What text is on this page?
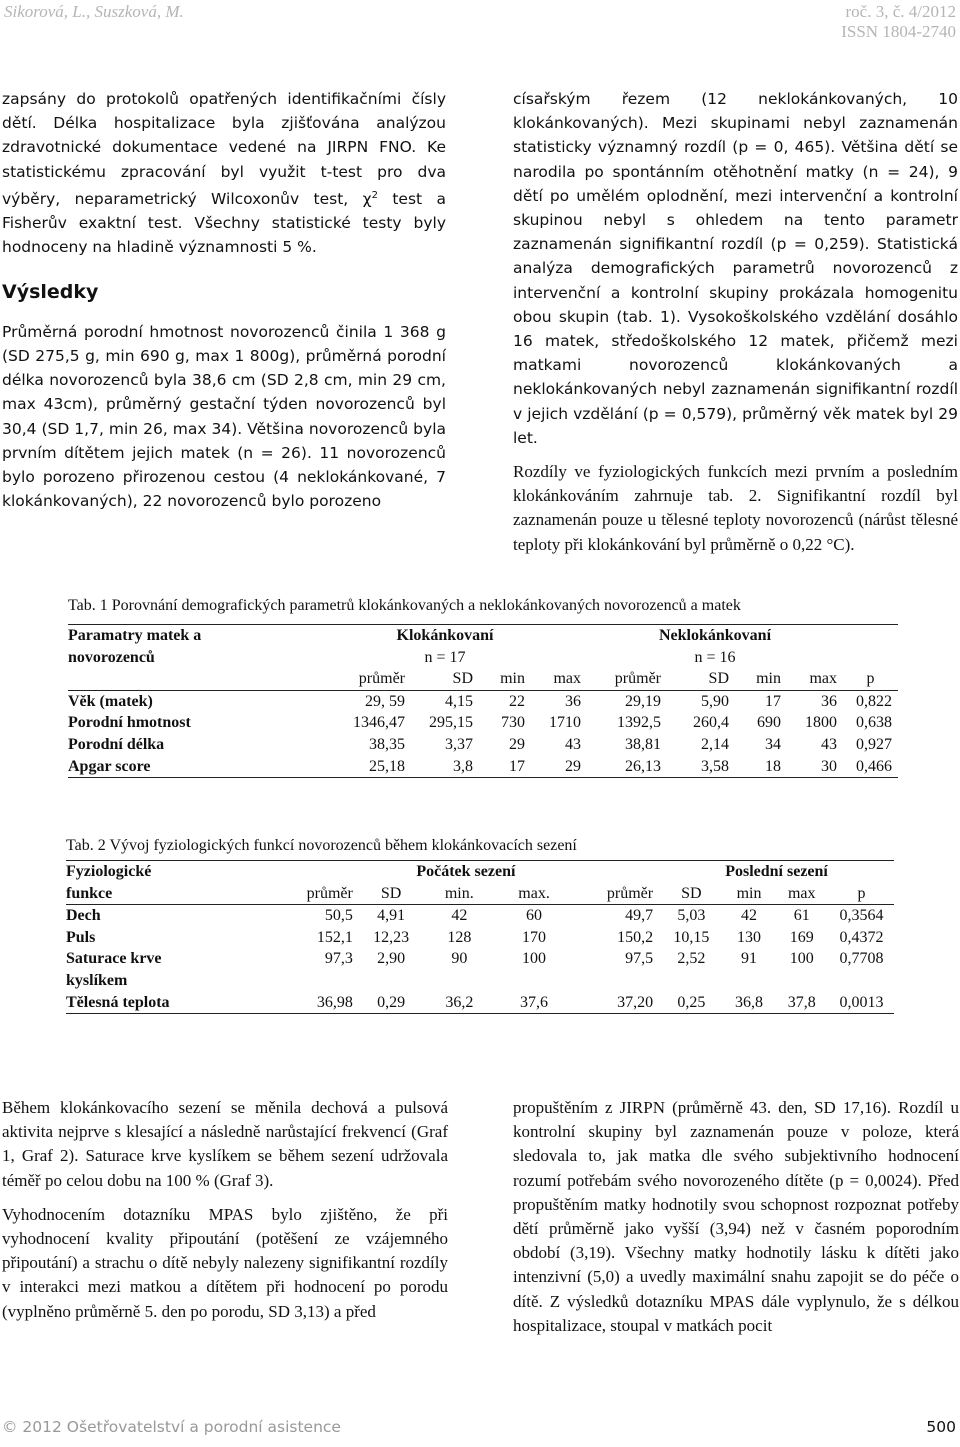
Sikorová, L., Suszková, M.	roč. 3, č. 4/2012
ISSN 1804-2740

zapsány do protokolů opatřených identifikačními čísly dětí. Délka hospitalizace byla zjišťována analýzou zdravotnické dokumentace vedené na JIRPN FNO. Ke statistickému zpracování byl využit t-test pro dva výběry, neparametrický Wilcoxonův test, $\chi^2$ test a Fisherův exaktní test. Všechny statistické testy byly hodnoceny na hladině významnosti 5 %.

Výsledky

Průměrná porodní hmotnost novorozenců činila 1 368 g (SD 275,5 g, min 690 g, max 1 800g), průměrná porodní délka novorozenců byla 38,6 cm (SD 2,8 cm, min 29 cm, max 43cm), průměrný gestační týden novorozenců byl 30,4 (SD 1,7, min 26, max 34). Většina novorozenců byla prvním dítětem jejich matek (n = 26). 11 novorozenců bylo porozeno přirozenou cestou (4 neklokánkované, 7 klokánkovaných), 22 novorozenců bylo porozeno

císařským řezem (12 neklokánkovaných, 10 klokánkovaných). Mezi skupinami nebyl zaznamenán statisticky významný rozdíl (p = 0, 465). Většina dětí se narodila po spontánním otěhotnění matky (n = 24), 9 dětí po umělém oplodnění, mezi intervenční a kontrolní skupinou nebyl s ohledem na tento parametr zaznamenán signifikantní rozdíl (p = 0,259). Statistická analýza demografických parametrů novorozenců z intervenční a kontrolní skupiny prokázala homogenitu obou skupin (tab. 1). Vysokoškolského vzdělání dosáhlo 16 matek, středoškolského 12 matek, přičemž mezi matkami novorozenců klokánkovaných a neklokánkovaných nebyl zaznamenán signifikantní rozdíl v jejich vzdělání (p = 0,579), průměrný věk matek byl 29 let.

Rozdíly ve fyziologických funkcích mezi prvním a posledním klokánkováním zahrnuje tab. 2. Signifikantní rozdíl byl zaznamenán pouze u tělesné teploty novorozenců (nárůst tělesné teploty při klokánkování byl průměrně o 0,22 °C).

Tab. 1 Porovnání demografických parametrů klokánkovaných a neklokánkovaných novorozenců a matek
Paramatry matek a	Klokánkovaní				Neklokánkovaní				
novorozenců	n = 17				n = 16				
	průměr	SD	min	max	průměr	SD	min	max	p
Věk (matek)	29, 59	4,15	22	36	29,19	5,90	17	36	0,822
Porodní hmotnost	1346,47	295,15	730	1710	1392,5	260,4	690	1800	0,638
Porodní délka	38,35	3,37	29	43	38,81	2,14	34	43	0,927
Apgar score	25,18	3,8	17	29	26,13	3,58	18	30	0,466
Tab. 2 Vývoj fyziologických funkcí novorozenců během klokánkovacích sezení
Fyziologické		Počátek sezení				Poslední sezení			
funkce	průměr	SD	min.	max.	průměr	SD	min	max	p
Dech	50,5	4,91	42	60	49,7	5,03	42	61	0,3564
Puls	152,1	12,23	128	170	150,2	10,15	130	169	0,4372
Saturace krve
kyslíkem	97,3	2,90	90	100	97,5	2,52	91	100	0,7708
Tělesná teplota	36,98	0,29	36,2	37,6	37,20	0,25	36,8	37,8	0,0013

Během klokánkovacího sezení se měnila dechová a pulsová aktivita nejprve s klesající a následně narůstající frekvencí (Graf 1, Graf 2). Saturace krve kyslíkem se během sezení udržovala téměř po celou dobu na 100 % (Graf 3).

Vyhodnocením dotazníku MPAS bylo zjištěno, že při vyhodnocení kvality připoutání (potěšení ze vzájemného připoutání) a strachu o dítě nebyly nalezeny signifikantní rozdíly v interakci mezi matkou a dítětem při hodnocení po porodu (vyplněno průměrně 5. den po porodu, SD 3,13) a před

propuštěním z JIRPN (průměrně 43. den, SD 17,16). Rozdíl u kontrolní skupiny byl zaznamenán pouze v poloze, která sledovala to, jak matka dle svého subjektivního hodnocení rozumí potřebám svého novorozeného dítěte (p = 0,0024). Před propuštěním matky hodnotily svou schopnost rozpoznat potřeby dětí průměrně jako vyšší (3,94) než v časném poporodním období (3,19). Všechny matky hodnotily lásku k dítěti jako intenzivní (5,0) a uvedly maximální snahu zapojit se do péče o dítě. Z výsledků dotazníku MPAS dále vyplynulo, že s délkou hospitalizace, stoupal v matkách pocit

© 2012 Ošetřovatelství a porodní asistence	500
